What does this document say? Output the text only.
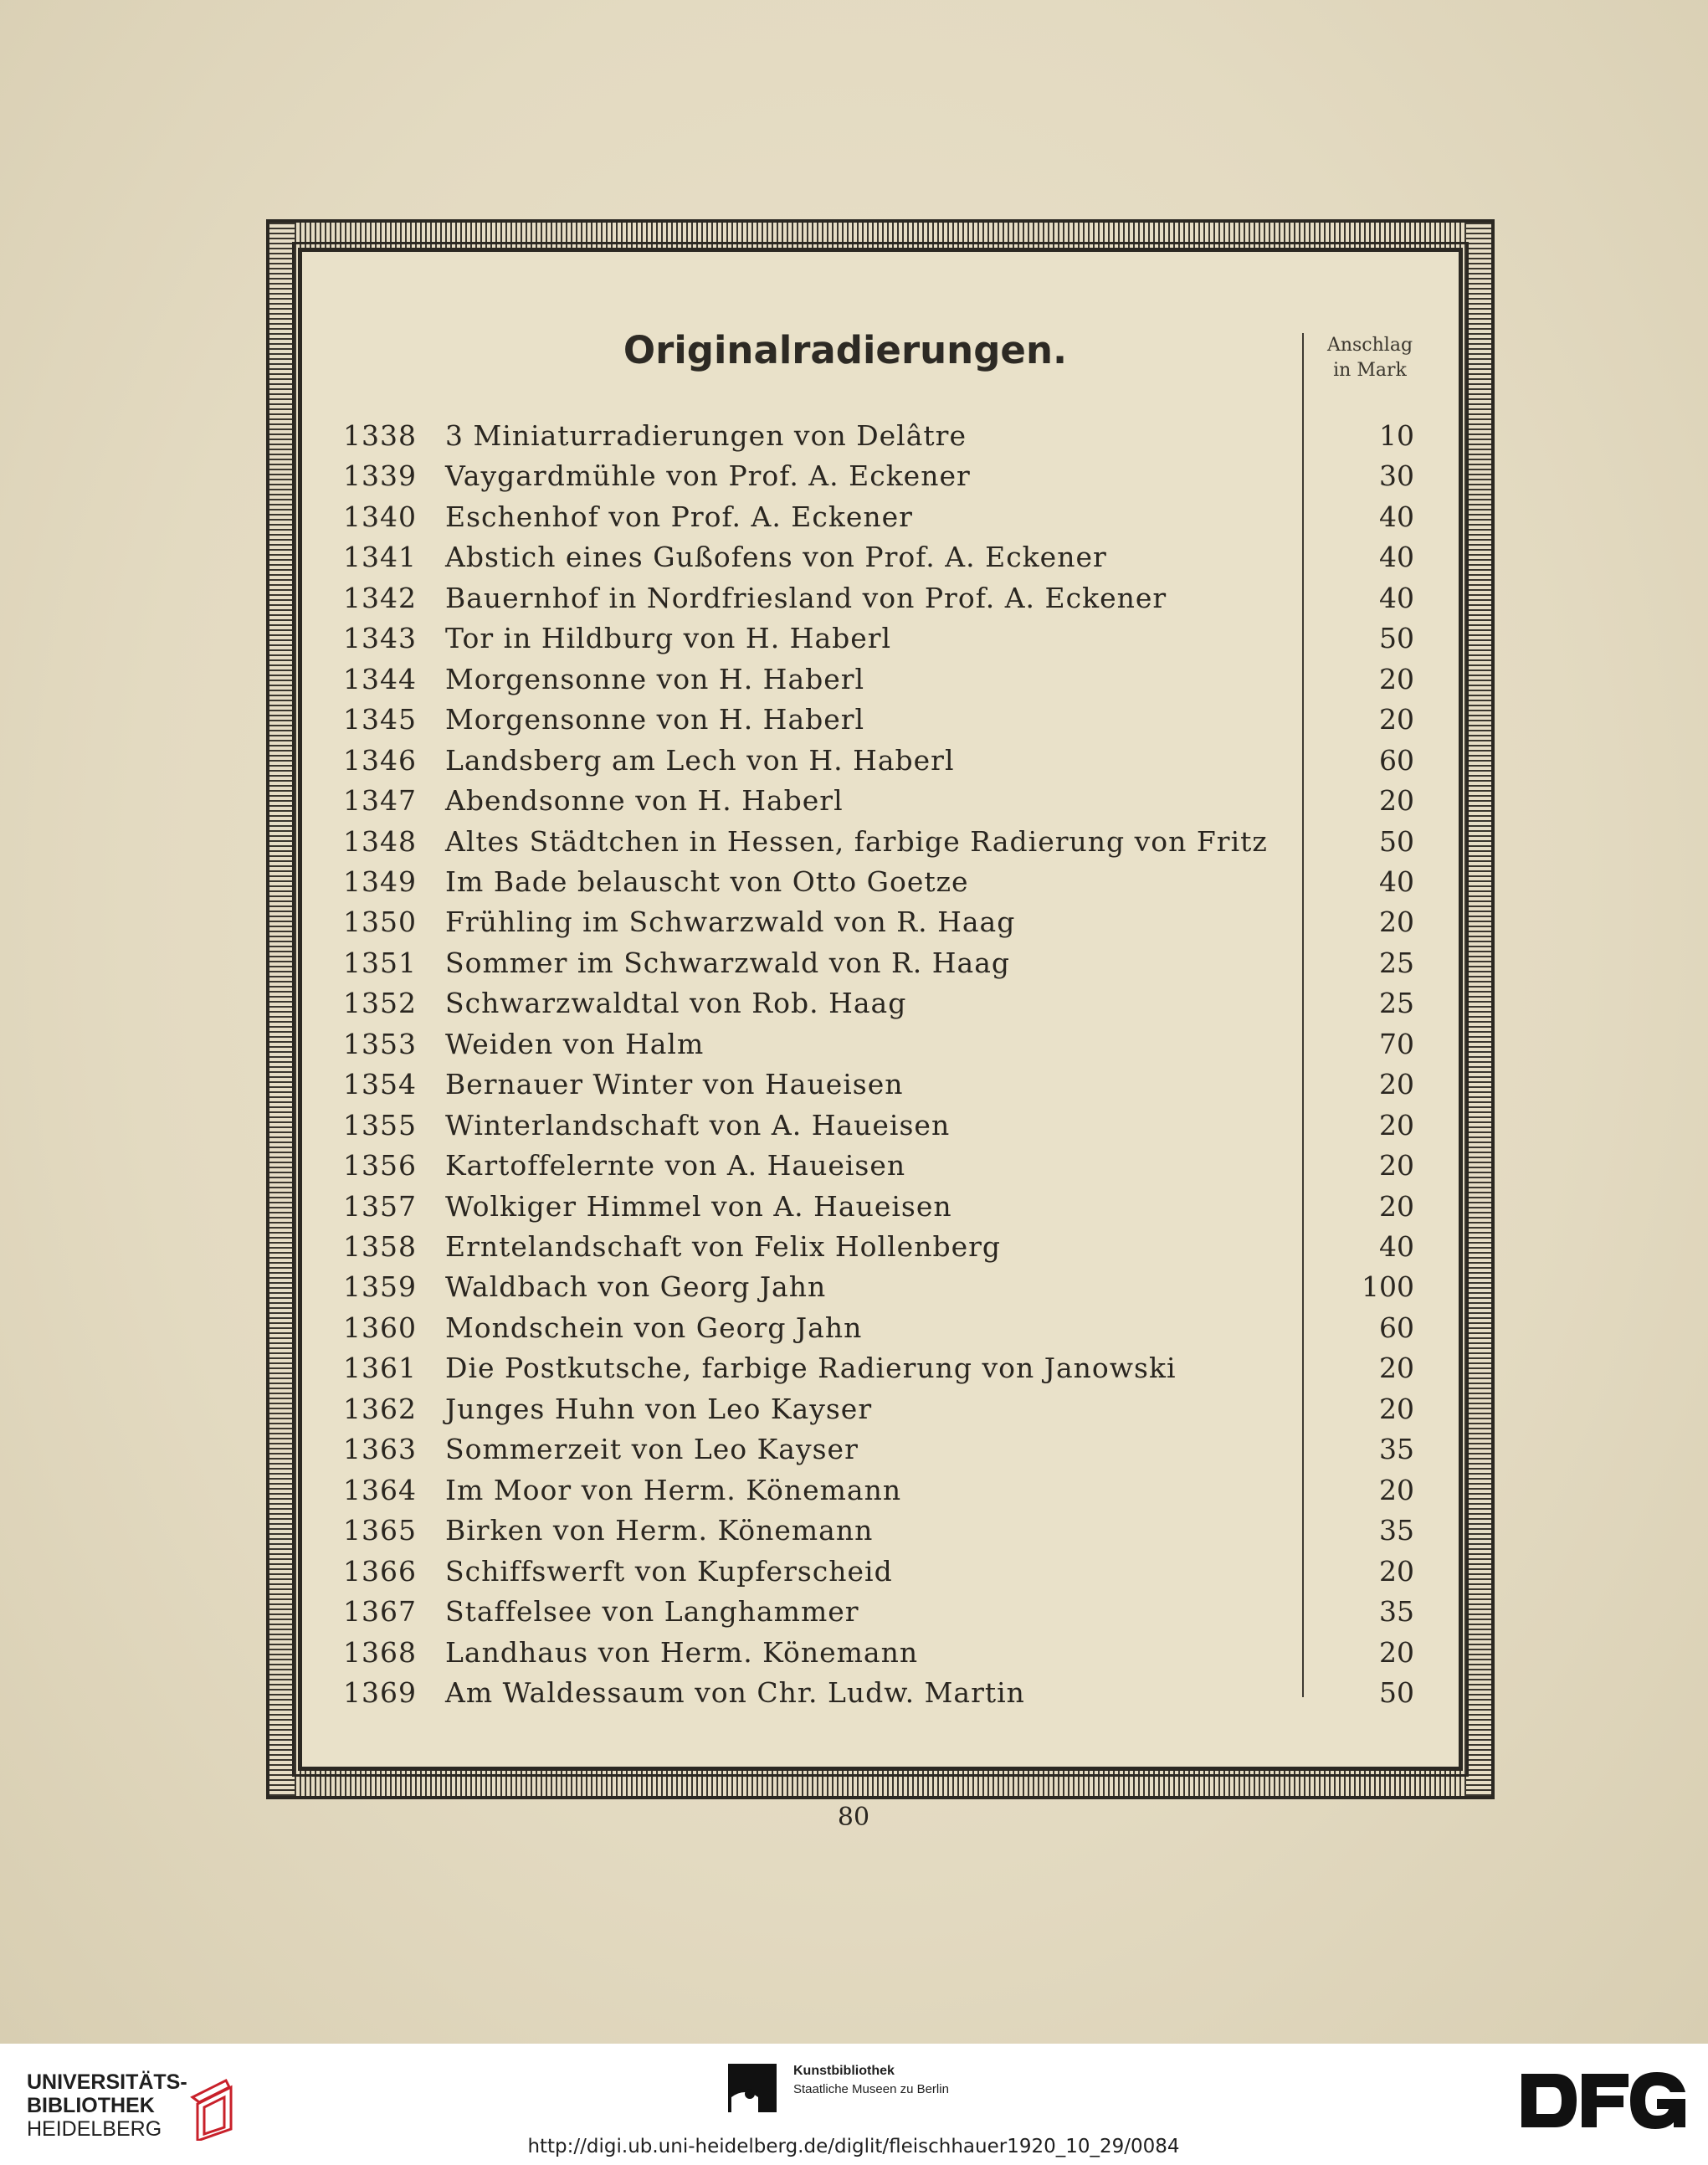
Originalradierungen.	Anschlag
in Mark
1338 3 Miniaturradierungen von Delâtre	10
1339 Vaygardmühle von Prof. A. Eckener	30
1340 Eschenhof von Prof. A. Eckener	40
1341 Abstich eines Gußofens von Prof. A. Eckener	40
1342 Bauernhof in Nordfriesland von Prof. A. Eckener	40
1343 Tor in Hildburg von H. Haberl	50
1344 Morgensonne von H. Haberl	20
1345 Morgensonne von H. Haberl	20
1346 Landsberg am Lech von H. Haberl	60
1347 Abendsonne von H. Haberl	20
1348 Altes Städtchen in Hessen, farbige Radierung von Fritz	50
1349 Im Bade belauscht von Otto Goetze	40
1350 Frühling im Schwarzwald von R. Haag	20
1351 Sommer im Schwarzwald von R. Haag	25
1352 Schwarzwaldtal von Rob. Haag	25
1353 Weiden von Halm	70
1354 Bernauer Winter von Haueisen	20
1355 Winterlandschaft von A. Haueisen	20
1356 Kartoffelernte von A. Haueisen	20
1357 Wolkiger Himmel von A. Haueisen	20
1358 Erntelandschaft von Felix Hollenberg	40
1359 Waldbach von Georg Jahn	100
1360 Mondschein von Georg Jahn	60
1361 Die Postkutsche, farbige Radierung von Janowski	20
1362 Junges Huhn von Leo Kayser	20
1363 Sommerzeit von Leo Kayser	35
1364 Im Moor von Herm. Könemann	20
1365 Birken von Herm. Könemann	35
1366 Schiffswerft von Kupferscheid	20
1367 Staffelsee von Langhammer	35
1368 Landhaus von Herm. Könemann	20
1369 Am Waldessaum von Chr. Ludw. Martin	50
80
UNIVERSITÄTS-
BIBLIOTHEK
HEIDELBERG
Kunstbibliothek
Staatliche Museen zu Berlin
http://digi.ub.uni-heidelberg.de/diglit/fleischhauer1920_10_29/0084
